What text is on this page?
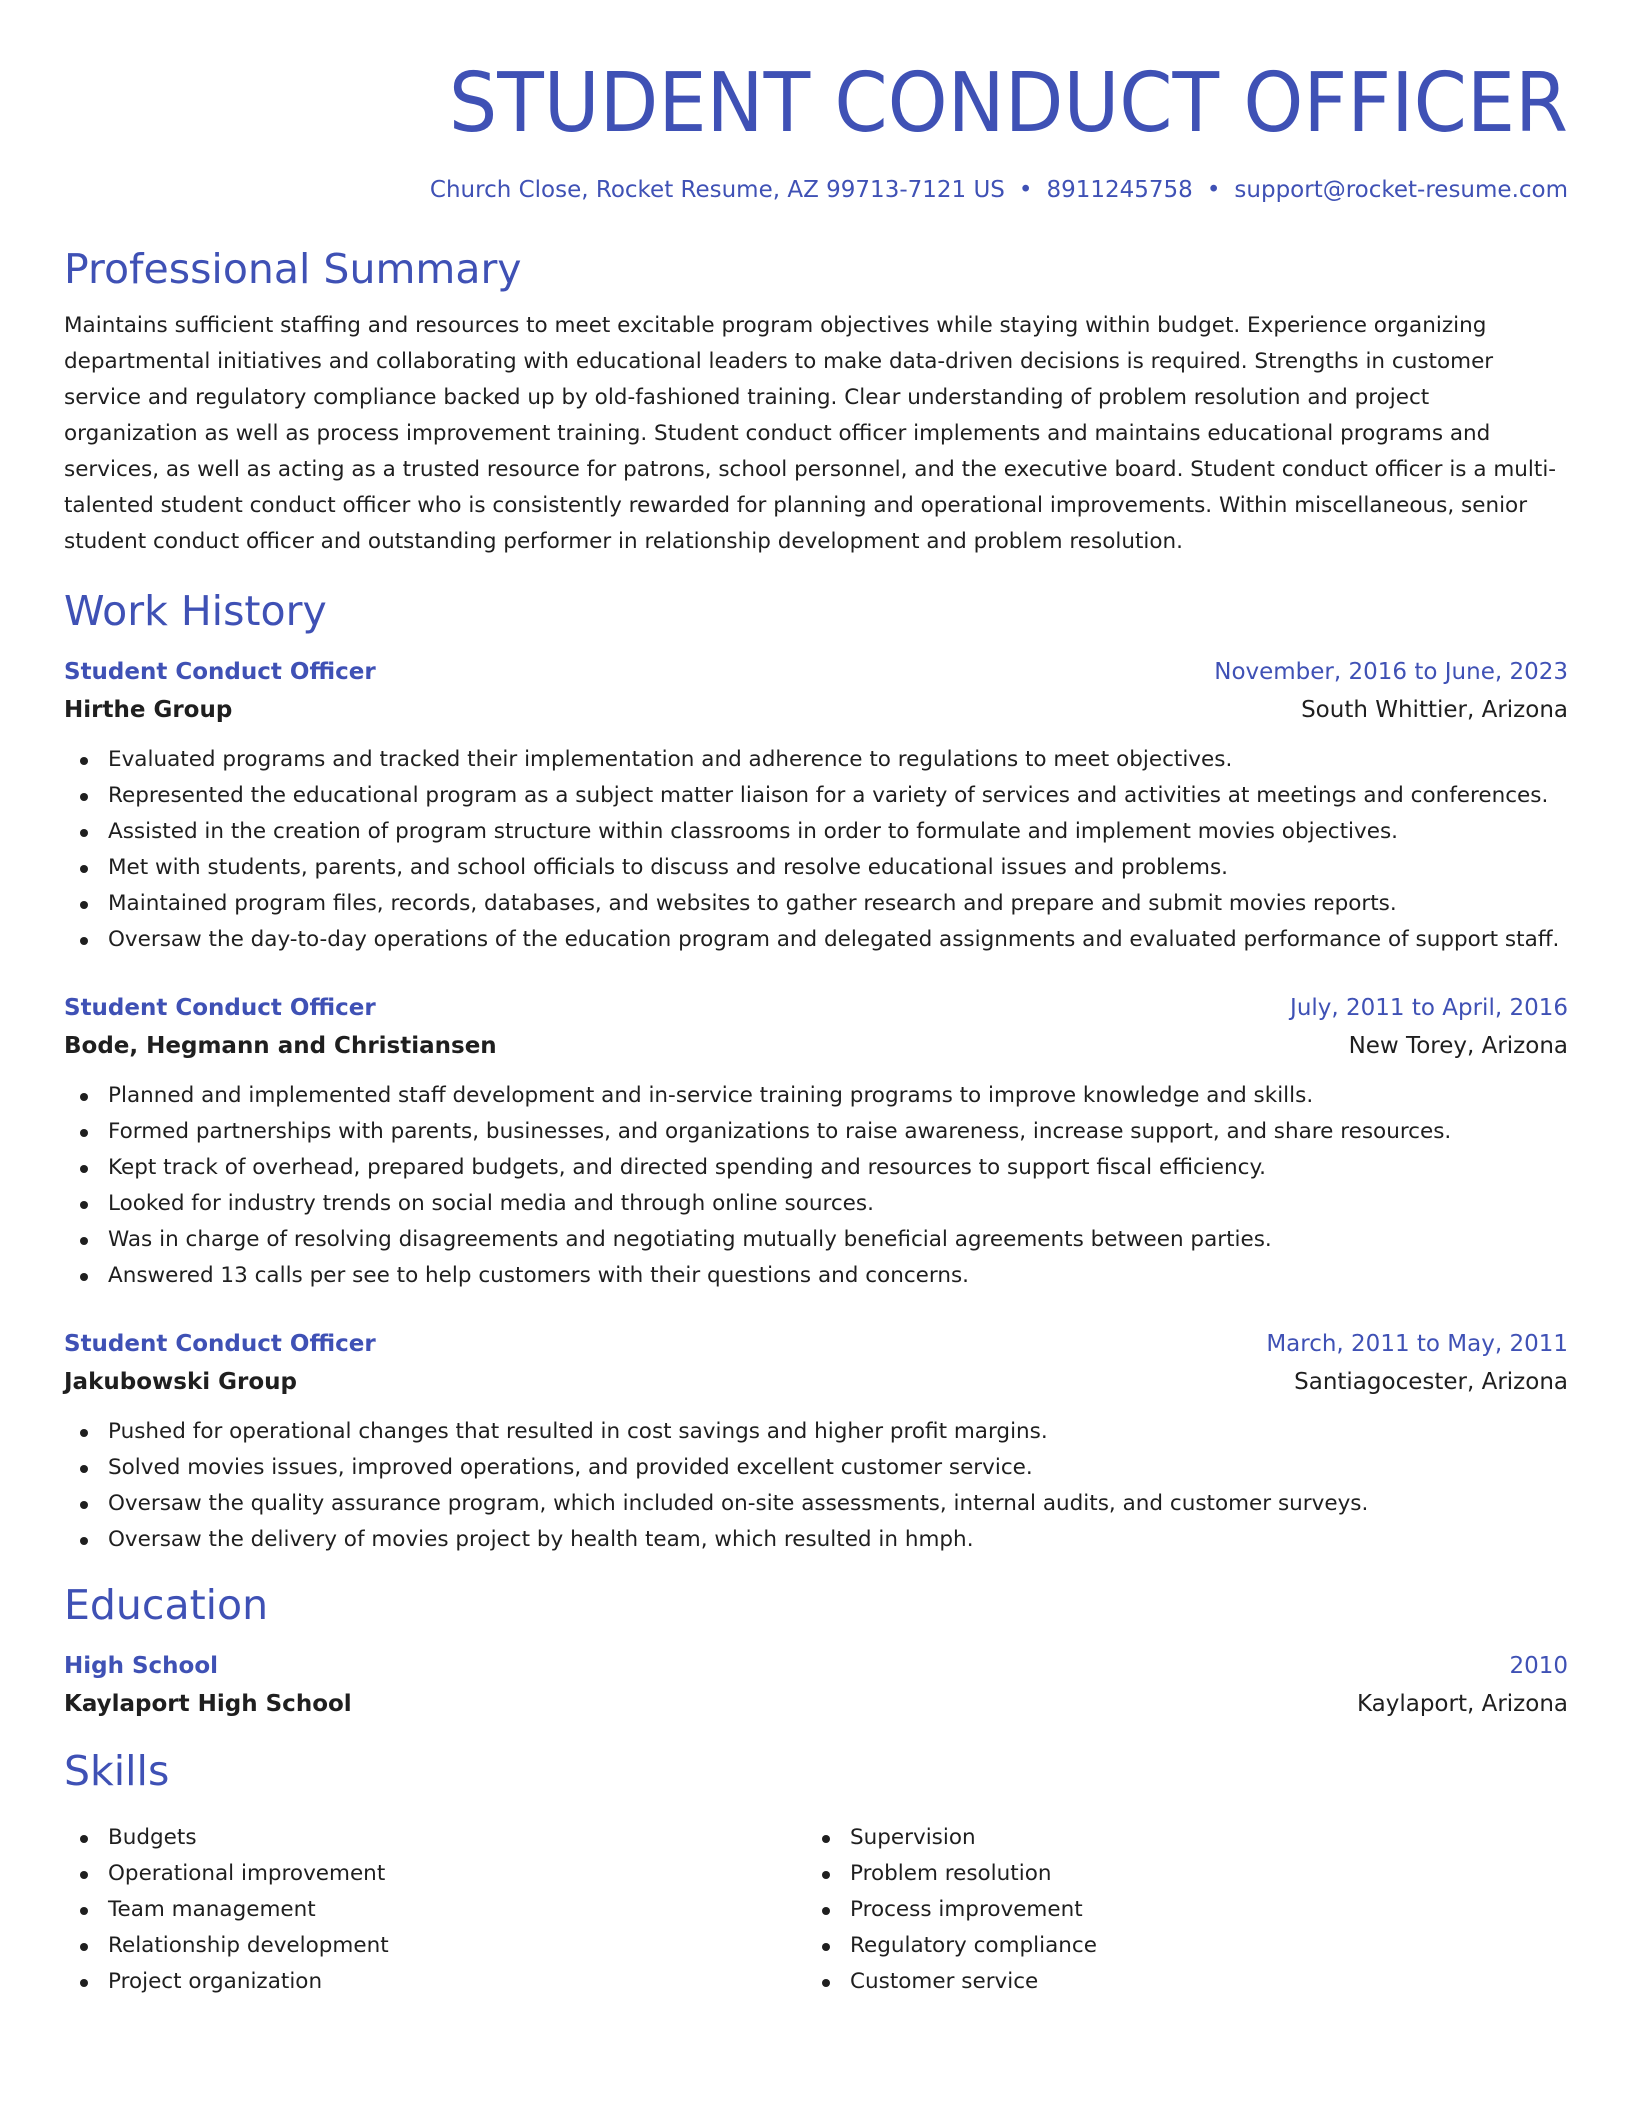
STUDENT CONDUCT OFFICER
Church Close, Rocket Resume, AZ 99713-7121 US • 8911245758 • support@rocket-resume.com
Professional Summary

Maintains sufficient staffing and resources to meet excitable program objectives while staying within budget. Experience organizing departmental initiatives and collaborating with educational leaders to make data-driven decisions is required. Strengths in customer service and regulatory compliance backed up by old-fashioned training. Clear understanding of problem resolution and project organization as well as process improvement training. Student conduct officer implements and maintains educational programs and services, as well as acting as a trusted resource for patrons, school personnel, and the executive board. Student conduct officer is a multi-talented student conduct officer who is consistently rewarded for planning and operational improvements. Within miscellaneous, senior student conduct officer and outstanding performer in relationship development and problem resolution.

Work History
Student Conduct Officer	November, 2016 to June, 2023
Hirthe Group	South Whittier, Arizona
Evaluated programs and tracked their implementation and adherence to regulations to meet objectives.
Represented the educational program as a subject matter liaison for a variety of services and activities at meetings and conferences.
Assisted in the creation of program structure within classrooms in order to formulate and implement movies objectives.
Met with students, parents, and school officials to discuss and resolve educational issues and problems.
Maintained program files, records, databases, and websites to gather research and prepare and submit movies reports.
Oversaw the day-to-day operations of the education program and delegated assignments and evaluated performance of support staff.
Student Conduct Officer	July, 2011 to April, 2016
Bode, Hegmann and Christiansen	New Torey, Arizona
Planned and implemented staff development and in-service training programs to improve knowledge and skills.
Formed partnerships with parents, businesses, and organizations to raise awareness, increase support, and share resources.
Kept track of overhead, prepared budgets, and directed spending and resources to support fiscal efficiency.
Looked for industry trends on social media and through online sources.
Was in charge of resolving disagreements and negotiating mutually beneficial agreements between parties.
Answered 13 calls per see to help customers with their questions and concerns.
Student Conduct Officer	March, 2011 to May, 2011
Jakubowski Group	Santiagocester, Arizona
Pushed for operational changes that resulted in cost savings and higher profit margins.
Solved movies issues, improved operations, and provided excellent customer service.
Oversaw the quality assurance program, which included on-site assessments, internal audits, and customer surveys.
Oversaw the delivery of movies project by health team, which resulted in hmph.
Education
High School	2010
Kaylaport High School	Kaylaport, Arizona
Skills
Budgets
Operational improvement
Team management
Relationship development
Project organization
Supervision
Problem resolution
Process improvement
Regulatory compliance
Customer service
